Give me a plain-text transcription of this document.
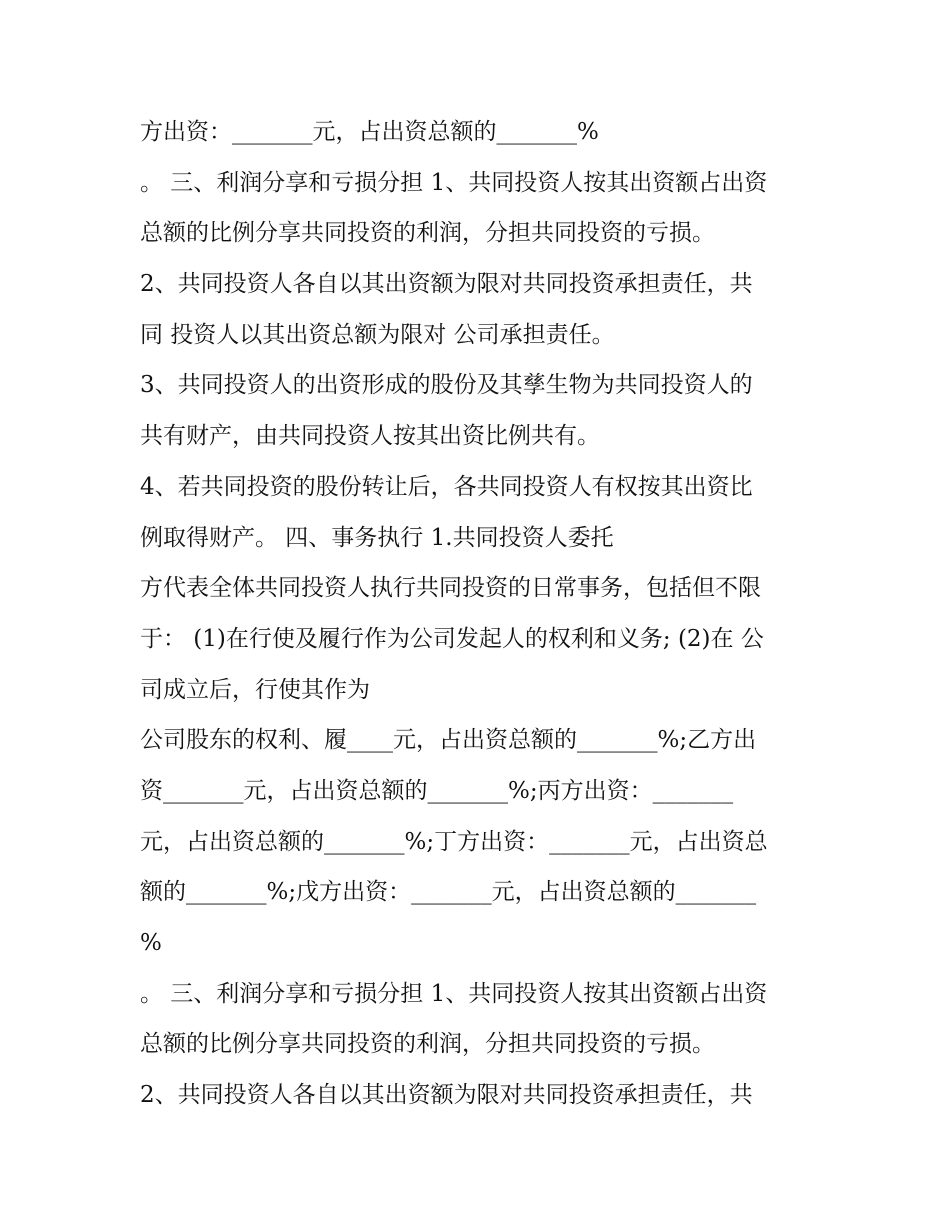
方出资：_______元，占出资总额的_______%
。 三、利润分享和亏损分担 1、共同投资人按其出资额占出资
总额的比例分享共同投资的利润，分担共同投资的亏损。
2、共同投资人各自以其出资额为限对共同投资承担责任，共
同 投资人以其出资总额为限对 公司承担责任。
3、共同投资人的出资形成的股份及其孳生物为共同投资人的
共有财产，由共同投资人按其出资比例共有。
4、若共同投资的股份转让后，各共同投资人有权按其出资比
例取得财产。 四、事务执行 1.共同投资人委托
方代表全体共同投资人执行共同投资的日常事务，包括但不限
于： (1)在行使及履行作为公司发起人的权利和义务; (2)在 公
司成立后，行使其作为
公司股东的权利、履____元，占出资总额的_______%;乙方出
资_______元，占出资总额的_______%;丙方出资：_______
元，占出资总额的_______%;丁方出资：_______元，占出资总
额的_______%;戊方出资：_______元，占出资总额的_______
%
。 三、利润分享和亏损分担 1、共同投资人按其出资额占出资
总额的比例分享共同投资的利润，分担共同投资的亏损。
2、共同投资人各自以其出资额为限对共同投资承担责任，共
